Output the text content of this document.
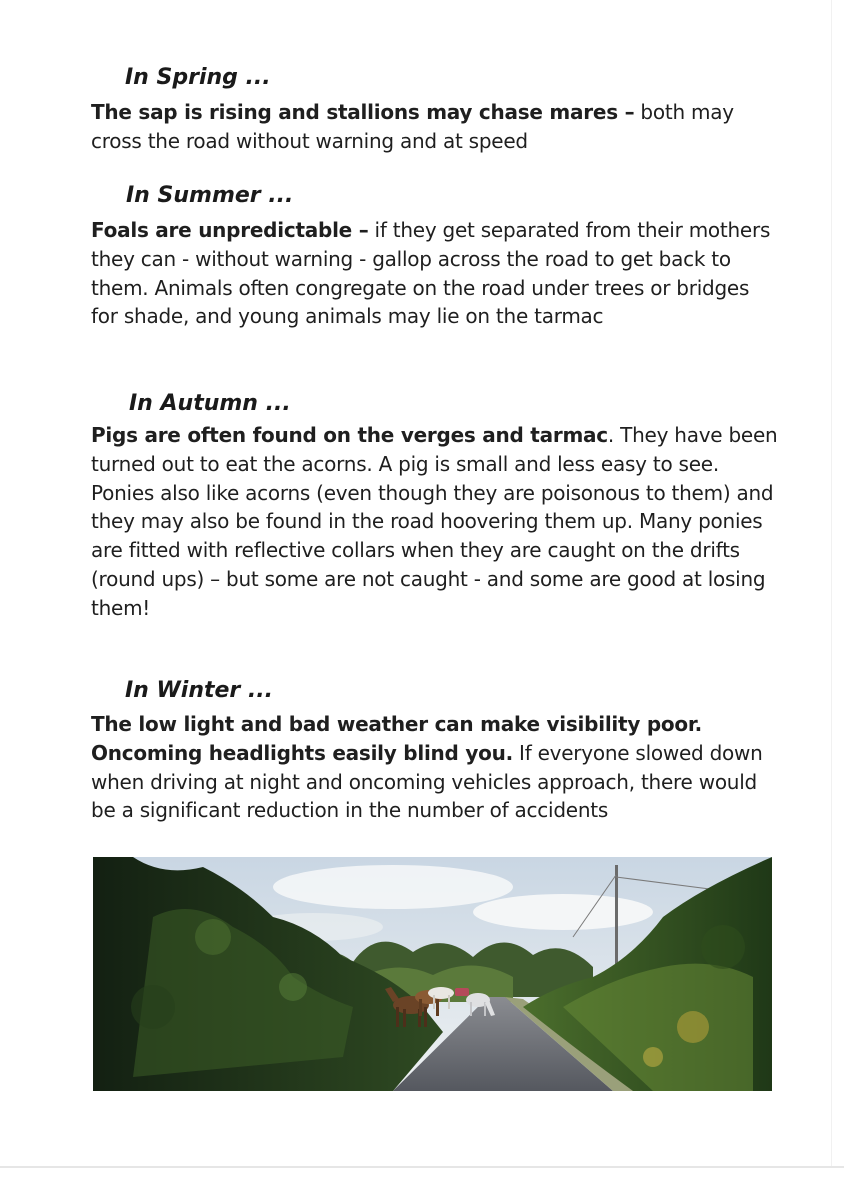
In Spring ...
The sap is rising and stallions may chase mares – both may cross the road without warning and at speed
In Summer ...
Foals are unpredictable – if they get separated from their mothers they can - without warning - gallop across the road to get back to them. Animals often congregate on the road under trees or bridges for shade, and young animals may lie on the tarmac
In Autumn ...
Pigs are often found on the verges and tarmac. They have been turned out to eat the acorns. A pig is small and less easy to see. Ponies also like acorns (even though they are poisonous to them) and they may also be found in the road hoovering them up. Many ponies are fitted with reflective collars when they are caught on the drifts (round ups) – but some are not caught - and some are good at losing them!
In Winter ...
The low light and bad weather can make visibility poor. Oncoming headlights easily blind you. If everyone slowed down when driving at night and oncoming vehicles approach, there would be a significant reduction in the number of accidents
